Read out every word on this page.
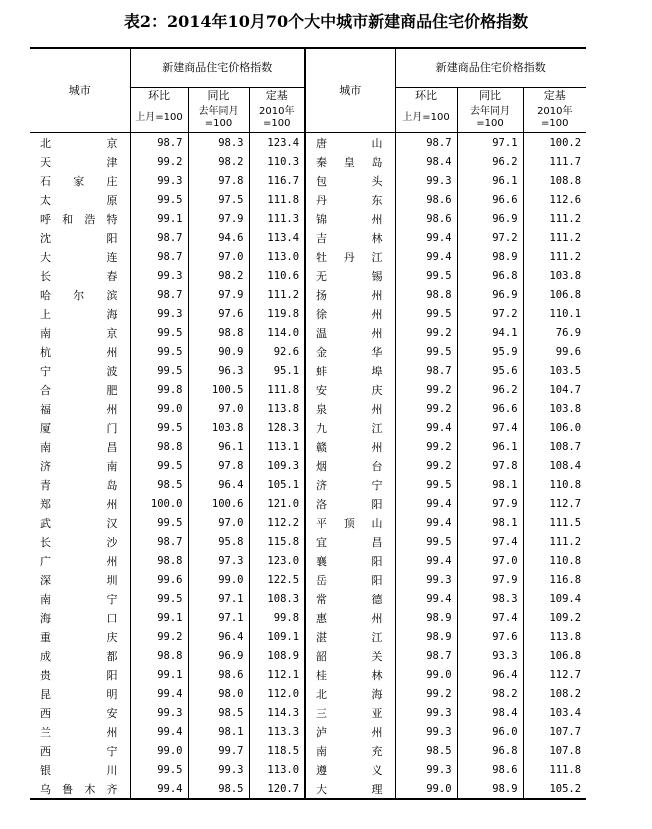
表2：2014年10月70个大中城市新建商品住宅价格指数
城市	新建商品住宅价格指数			城市	新建商品住宅价格指数		
	环比	同比	定基		环比	同比	定基
	上月=100	去年同月=100	2010年=100		上月=100	去年同月=100	2010年=100
北京	98.7	98.3	123.4	唐山	98.7	97.1	100.2
天津	99.2	98.2	110.3	秦皇岛	98.4	96.2	111.7
石家庄	99.3	97.8	116.7	包头	99.3	96.1	108.8
太原	99.5	97.5	111.8	丹东	98.6	96.6	112.6
呼和浩特	99.1	97.9	111.3	锦州	98.6	96.9	111.2
沈阳	98.7	94.6	113.4	吉林	99.4	97.2	111.2
大连	98.7	97.0	113.0	牡丹江	99.4	98.9	111.2
长春	99.3	98.2	110.6	无锡	99.5	96.8	103.8
哈尔滨	98.7	97.9	111.2	扬州	98.8	96.9	106.8
上海	99.3	97.6	119.8	徐州	99.5	97.2	110.1
南京	99.5	98.8	114.0	温州	99.2	94.1	76.9
杭州	99.5	90.9	92.6	金华	99.5	95.9	99.6
宁波	99.5	96.3	95.1	蚌埠	98.7	95.6	103.5
合肥	99.8	100.5	111.8	安庆	99.2	96.2	104.7
福州	99.0	97.0	113.8	泉州	99.2	96.6	103.8
厦门	99.5	103.8	128.3	九江	99.4	97.4	106.0
南昌	98.8	96.1	113.1	赣州	99.2	96.1	108.7
济南	99.5	97.8	109.3	烟台	99.2	97.8	108.4
青岛	98.5	96.4	105.1	济宁	99.5	98.1	110.8
郑州	100.0	100.6	121.0	洛阳	99.4	97.9	112.7
武汉	99.5	97.0	112.2	平顶山	99.4	98.1	111.5
长沙	98.7	95.8	115.8	宜昌	99.5	97.4	111.2
广州	98.8	97.3	123.0	襄阳	99.4	97.0	110.8
深圳	99.6	99.0	122.5	岳阳	99.3	97.9	116.8
南宁	99.5	97.1	108.3	常德	99.4	98.3	109.4
海口	99.1	97.1	99.8	惠州	98.9	97.4	109.2
重庆	99.2	96.4	109.1	湛江	98.9	97.6	113.8
成都	98.8	96.9	108.9	韶关	98.7	93.3	106.8
贵阳	99.1	98.6	112.1	桂林	99.0	96.4	112.7
昆明	99.4	98.0	112.0	北海	99.2	98.2	108.2
西安	99.3	98.5	114.3	三亚	99.3	98.4	103.4
兰州	99.4	98.1	113.3	泸州	99.3	96.0	107.7
西宁	99.0	99.7	118.5	南充	98.5	96.8	107.8
银川	99.5	99.3	113.0	遵义	99.3	98.6	111.8
乌鲁木齐	99.4	98.5	120.7	大理	99.0	98.9	105.2
